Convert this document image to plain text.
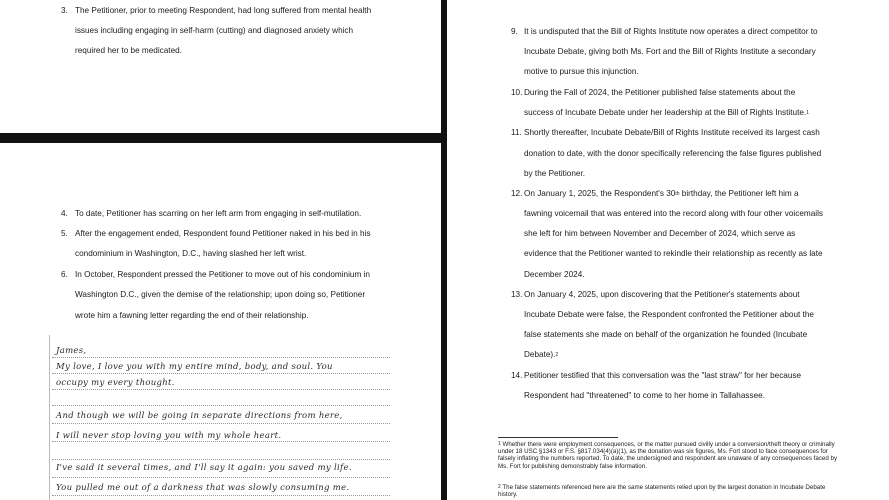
3. The Petitioner, prior to meeting Respondent, had long suffered from mental health
issues including engaging in self-harm (cutting) and diagnosed anxiety which
required her to be medicated.
4. To date, Petitioner has scarring on her left arm from engaging in self-mutilation.
5. After the engagement ended, Respondent found Petitioner naked in his bed in his
condominium in Washington, D.C., having slashed her left wrist.
6. In October, Respondent pressed the Petitioner to move out of his condominium in
Washington D.C., given the demise of the relationship; upon doing so, Petitioner
wrote him a fawning letter regarding the end of their relationship.
James,
My love, I love you with my entire mind, body, and soul. You
occupy my every thought.
And though we will be going in separate directions from here,
I will never stop loving you with my whole heart.
I've said it several times, and I'll say it again: you saved my life.
You pulled me out of a darkness that was slowly consuming me.
9. It is undisputed that the Bill of Rights Institute now operates a direct competitor to
Incubate Debate, giving both Ms. Fort and the Bill of Rights Institute a secondary
motive to pursue this injunction.
10. During the Fall of 2024, the Petitioner published false statements about the
success of Incubate Debate under her leadership at the Bill of Rights Institute.$^1$
11. Shortly thereafter, Incubate Debate/Bill of Rights Institute received its largest cash
donation to date, with the donor specifically referencing the false figures published
by the Petitioner.
12. On January 1, 2025, the Respondent's 30th birthday, the Petitioner left him a
fawning voicemail that was entered into the record along with four other voicemails
she left for him between November and December of 2024, which serve as
evidence that the Petitioner wanted to rekindle their relationship as recently as late
December 2024.
13. On January 4, 2025, upon discovering that the Petitioner's statements about
Incubate Debate were false, the Respondent confronted the Petitioner about the
false statements she made on behalf of the organization he founded (Incubate
Debate).$^2$
14. Petitioner testified that this conversation was the "last straw" for her because
Respondent had "threatened" to come to her home in Tallahassee.
$^1$ Whether there were employment consequences, or the matter pursued civilly under a conversion/theft theory or criminally under 18 USC §1343 or F.S. §817.034(4)(a)(1), as the donation was six figures, Ms. Fort stood to face consequences for falsely inflating the numbers reported. To date, the undersigned and respondent are unaware of any consequences faced by Ms. Fort for publishing demonstrably false information.
$^2$ The false statements referenced here are the same statements relied upon by the largest donation in Incubate Debate history.
